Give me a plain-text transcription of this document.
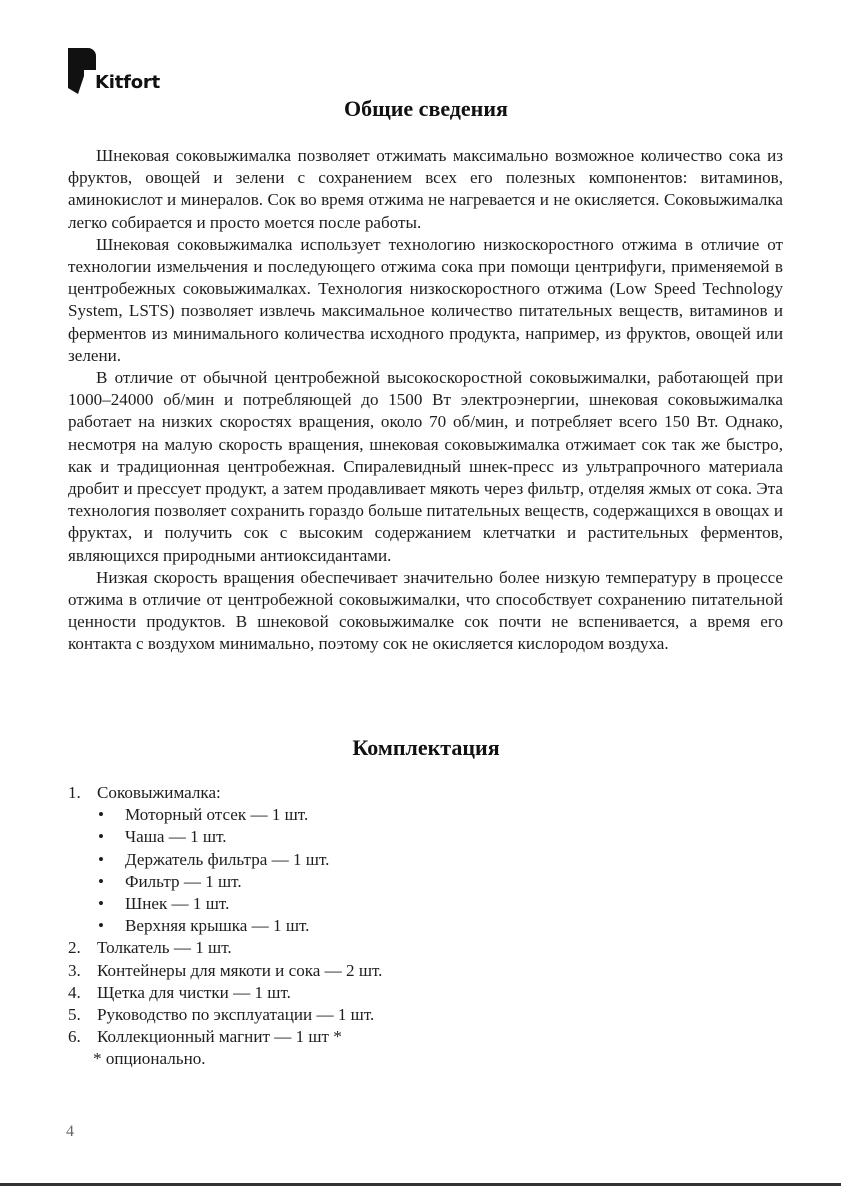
Kitfort
Общие сведения

Шнековая соковыжималка позволяет отжимать максимально возможное количество сока из фруктов, овощей и зелени с сохранением всех его полезных компонентов: витаминов, аминокислот и минералов. Сок во время отжима не нагревается и не окисляется. Соковыжималка легко собирается и просто моется после работы.

Шнековая соковыжималка использует технологию низкоскоростного отжима в отличие от технологии измельчения и последующего отжима сока при помощи центрифуги, применяемой в центробежных соковыжималках. Технология низкоскоростного отжима (Low Speed Technology System, LSTS) позволяет извлечь максимальное количество питательных веществ, витаминов и ферментов из минимального количества исходного продукта, например, из фруктов, овощей или зелени.

В отличие от обычной центробежной высокоскоростной соковыжималки, работающей при 1000–24000 об/мин и потребляющей до 1500 Вт электроэнергии, шнековая соковыжималка работает на низких скоростях вращения, около 70 об/мин, и потребляет всего 150 Вт. Однако, несмотря на малую скорость вращения, шнековая соковыжималка отжимает сок так же быстро, как и традиционная центробежная. Спиралевидный шнек-пресс из ультрапрочного материала дробит и прессует продукт, а затем продавливает мякоть через фильтр, отделяя жмых от сока. Эта технология позволяет сохранить гораздо больше питательных веществ, содержащихся в овощах и фруктах, и получить сок с высоким содержанием клетчатки и растительных ферментов, являющихся природными антиоксидантами.

Низкая скорость вращения обеспечивает значительно более низкую температуру в процессе отжима в отличие от центробежной соковыжималки, что способствует сохранению питательной ценности продуктов. В шнековой соковыжималке сок почти не вспенивается, а время его контакта с воздухом минимально, поэтому сок не окисляется кислородом воздуха.

Комплектация
1. Соковыжималка:
• Моторный отсек — 1 шт.
• Чаша — 1 шт.
• Держатель фильтра — 1 шт.
• Фильтр — 1 шт.
• Шнек — 1 шт.
• Верхняя крышка — 1 шт.
2. Толкатель — 1 шт.
3. Контейнеры для мякоти и сока — 2 шт.
4. Щетка для чистки — 1 шт.
5. Руководство по эксплуатации — 1 шт.
6. Коллекционный магнит — 1 шт *
* опционально.
4
